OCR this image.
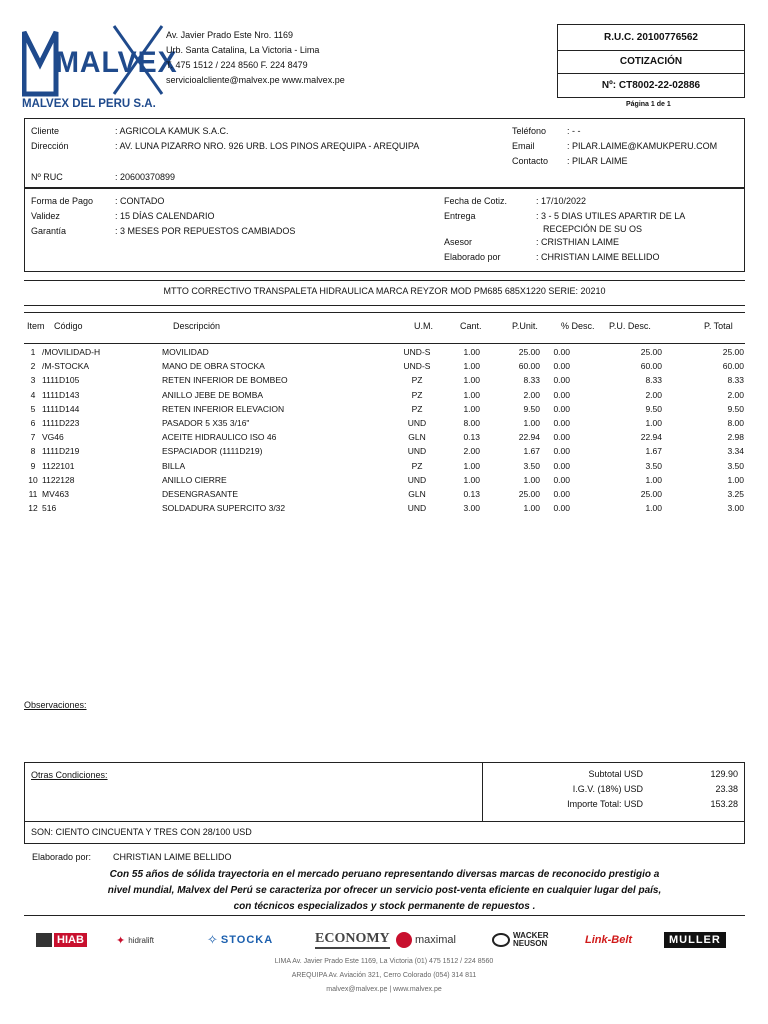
MALVEX
MALVEX DEL PERU S.A.
Av. Javier Prado Este Nro. 1169
Urb. Santa Catalina, La Victoria - Lima
T. 475 1512 / 224 8560 F. 224 8479
servicioalcliente@malvex.pe www.malvex.pe
R.U.C. 20100776562
COTIZACIÓN
Nº: CT8002-22-02886
Página 1 de 1
Cliente	: AGRICOLA KAMUK S.A.C.
Dirección	: AV. LUNA PIZARRO NRO. 926 URB. LOS PINOS AREQUIPA - AREQUIPA
Nº RUC	: 20600370899
Teléfono : - -
Email	: PILAR.LAIME@KAMUKPERU.COM
Contacto : PILAR LAIME
Forma de Pago : CONTADO
Validez	: 15 DÍAS CALENDARIO
Garantía	: 3 MESES POR REPUESTOS CAMBIADOS
Fecha de Cotiz.	: 17/10/2022
Entrega	: 3 - 5 DIAS UTILES APARTIR DE LA
RECEPCIÓN DE SU OS
Asesor	: CRISTHIAN LAIME
Elaborado por	: CHRISTIAN LAIME BELLIDO
MTTO CORRECTIVO TRANSPALETA HIDRAULICA MARCA REYZOR MOD PM685 685X1220 SERIE: 20210
Item Código	Descripción	U.M.	Cant.	P.Unit.	% Desc. P.U. Desc.	P. Total
1	/MOVILIDAD-H	MOVILIDAD	UND-S	1.00	25.00	0.00	25.00	25.00
2	/M-STOCKA	MANO DE OBRA STOCKA	UND-S	1.00	60.00	0.00	60.00	60.00
3	1111D105	RETEN INFERIOR DE BOMBEO	PZ	1.00	8.33	0.00	8.33	8.33
4	1111D143	ANILLO JEBE DE BOMBA	PZ	1.00	2.00	0.00	2.00	2.00
5	1111D144	RETEN INFERIOR ELEVACION	PZ	1.00	9.50	0.00	9.50	9.50
6	1111D223	PASADOR 5 X35 3/16"	UND	8.00	1.00	0.00	1.00	8.00
7	VG46	ACEITE HIDRAULICO ISO 46	GLN	0.13	22.94	0.00	22.94	2.98
8	1111D219	ESPACIADOR (1111D219)	UND	2.00	1.67	0.00	1.67	3.34
9	1122101	BILLA	PZ	1.00	3.50	0.00	3.50	3.50
10	1122128	ANILLO CIERRE	UND	1.00	1.00	0.00	1.00	1.00
11	MV463	DESENGRASANTE	GLN	0.13	25.00	0.00	25.00	3.25
12	516	SOLDADURA SUPERCITO 3/32	UND	3.00	1.00	0.00	1.00	3.00
Observaciones:
Otras Condiciones:	Subtotal USD	129.90
I.G.V. (18%) USD	23.38
Importe Total: USD	153.28
SON: CIENTO CINCUENTA Y TRES CON 28/100 USD
Elaborado por: CHRISTIAN LAIME BELLIDO
Con 55 años de sólida trayectoria en el mercado peruano representando diversas marcas de reconocido prestigio a
nivel mundial, Malvex del Perú se caracteriza por ofrecer un servicio post-venta eficiente en cualquier lugar del país,
con técnicos especializados y stock permanente de repuestos .
HIAB	✦ hidralift	✧ STOCKA	ECONOMY maximal	WACKER NEUSON	Link-Belt	MULLER
LIMA Av. Javier Prado Este 1169, La Victoria (01) 475 1512 / 224 8560
AREQUIPA Av. Aviación 321, Cerro Colorado (054) 314 811
malvex@malvex.pe | www.malvex.pe
